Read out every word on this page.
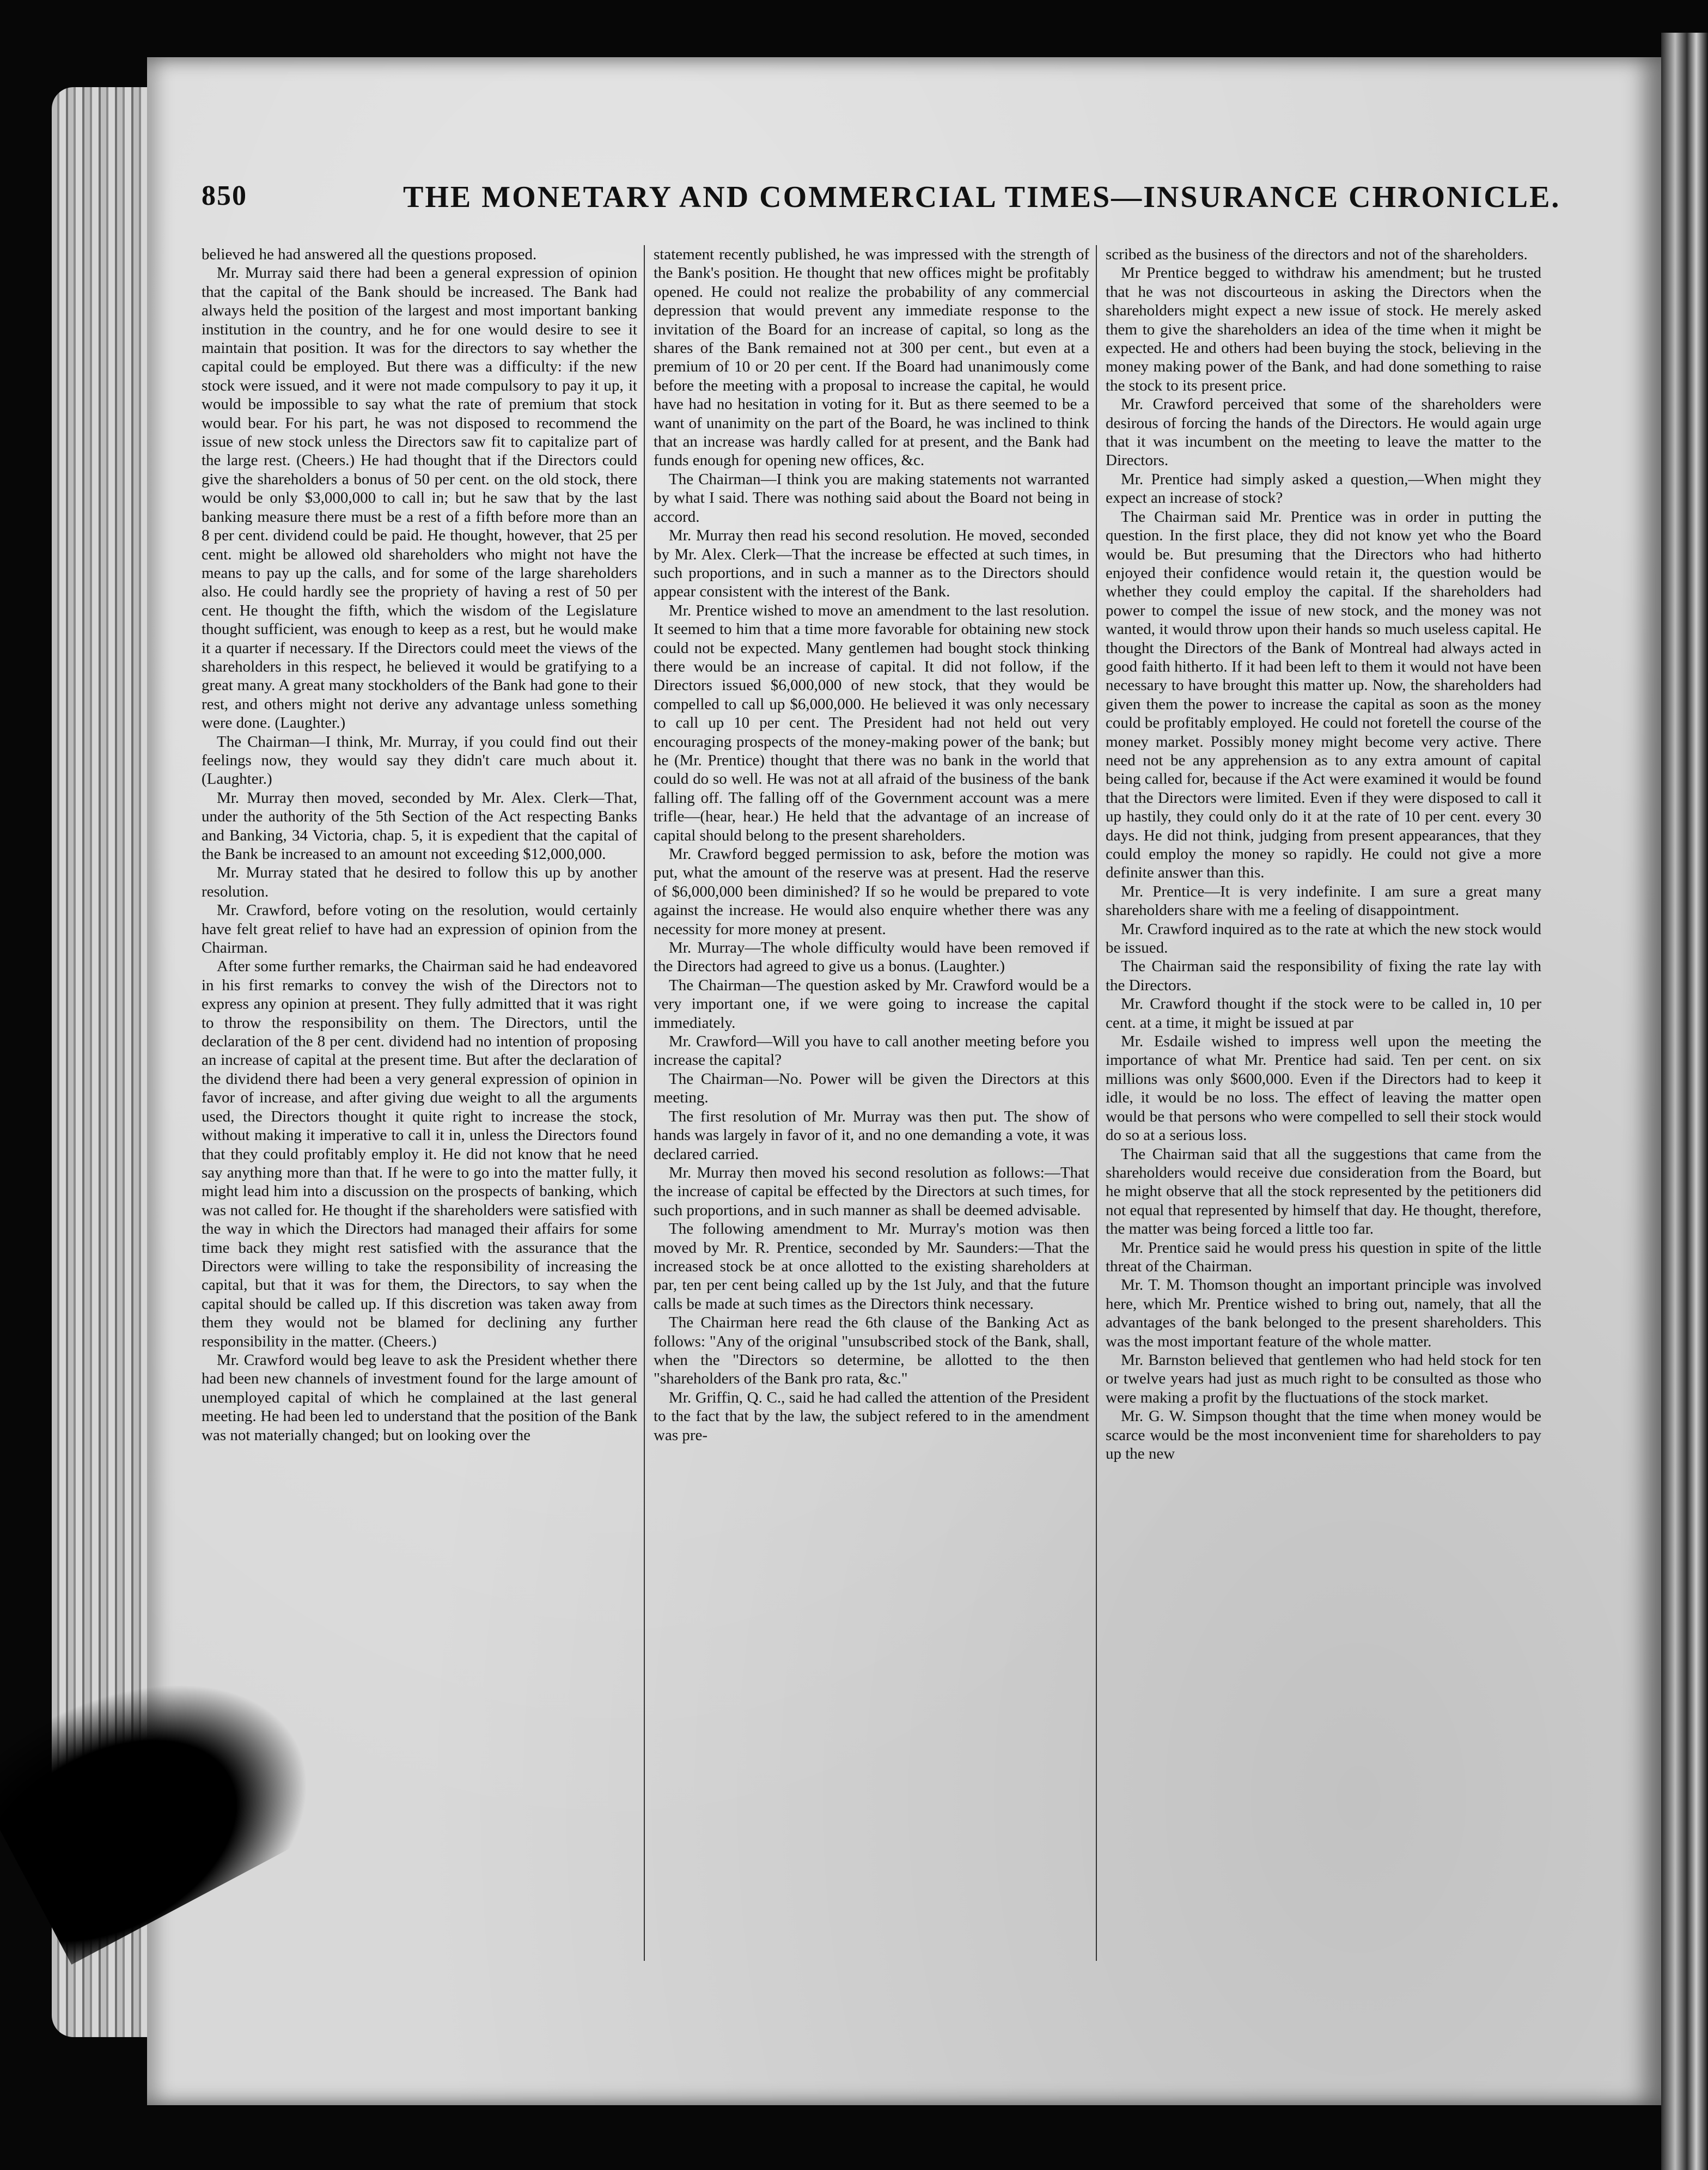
850	THE MONETARY AND COMMERCIAL TIMES—INSURANCE CHRONICLE.

believed he had answered all the questions proposed.

Mr. Murray said there had been a general expression of opinion that the capital of the Bank should be increased. The Bank had always held the position of the largest and most important banking institution in the country, and he for one would desire to see it maintain that position. It was for the directors to say whether the capital could be employed. But there was a difficulty: if the new stock were issued, and it were not made compulsory to pay it up, it would be impossible to say what the rate of premium that stock would bear. For his part, he was not disposed to recommend the issue of new stock unless the Directors saw fit to capitalize part of the large rest. (Cheers.) He had thought that if the Directors could give the shareholders a bonus of 50 per cent. on the old stock, there would be only $3,000,000 to call in; but he saw that by the last banking measure there must be a rest of a fifth before more than an 8 per cent. dividend could be paid. He thought, however, that 25 per cent. might be allowed old shareholders who might not have the means to pay up the calls, and for some of the large shareholders also. He could hardly see the propriety of having a rest of 50 per cent. He thought the fifth, which the wisdom of the Legislature thought sufficient, was enough to keep as a rest, but he would make it a quarter if necessary. If the Directors could meet the views of the shareholders in this respect, he believed it would be gratifying to a great many. A great many stockholders of the Bank had gone to their rest, and others might not derive any advantage unless something were done. (Laughter.)

The Chairman—I think, Mr. Murray, if you could find out their feelings now, they would say they didn't care much about it. (Laughter.)

Mr. Murray then moved, seconded by Mr. Alex. Clerk—That, under the authority of the 5th Section of the Act respecting Banks and Banking, 34 Victoria, chap. 5, it is expedient that the capital of the Bank be increased to an amount not exceeding $12,000,000.

Mr. Murray stated that he desired to follow this up by another resolution.

Mr. Crawford, before voting on the resolution, would certainly have felt great relief to have had an expression of opinion from the Chairman.

After some further remarks, the Chairman said he had endeavored in his first remarks to convey the wish of the Directors not to express any opinion at present. They fully admitted that it was right to throw the responsibility on them. The Directors, until the declaration of the 8 per cent. dividend had no intention of proposing an increase of capital at the present time. But after the declaration of the dividend there had been a very general expression of opinion in favor of increase, and after giving due weight to all the arguments used, the Directors thought it quite right to increase the stock, without making it imperative to call it in, unless the Directors found that they could profitably employ it. He did not know that he need say anything more than that. If he were to go into the matter fully, it might lead him into a discussion on the prospects of banking, which was not called for. He thought if the shareholders were satisfied with the way in which the Directors had managed their affairs for some time back they might rest satisfied with the assurance that the Directors were willing to take the responsibility of increasing the capital, but that it was for them, the Directors, to say when the capital should be called up. If this discretion was taken away from them they would not be blamed for declining any further responsibility in the matter. (Cheers.)

Mr. Crawford would beg leave to ask the President whether there had been new channels of investment found for the large amount of unemployed capital of which he complained at the last general meeting. He had been led to understand that the position of the Bank was not materially changed; but on looking over the

statement recently published, he was impressed with the strength of the Bank's position. He thought that new offices might be profitably opened. He could not realize the probability of any commercial depression that would prevent any immediate response to the invitation of the Board for an increase of capital, so long as the shares of the Bank remained not at 300 per cent., but even at a premium of 10 or 20 per cent. If the Board had unanimously come before the meeting with a proposal to increase the capital, he would have had no hesitation in voting for it. But as there seemed to be a want of unanimity on the part of the Board, he was inclined to think that an increase was hardly called for at present, and the Bank had funds enough for opening new offices, &c.

The Chairman—I think you are making statements not warranted by what I said. There was nothing said about the Board not being in accord.

Mr. Murray then read his second resolution. He moved, seconded by Mr. Alex. Clerk—That the increase be effected at such times, in such proportions, and in such a manner as to the Directors should appear consistent with the interest of the Bank.

Mr. Prentice wished to move an amendment to the last resolution. It seemed to him that a time more favorable for obtaining new stock could not be expected. Many gentlemen had bought stock thinking there would be an increase of capital. It did not follow, if the Directors issued $6,000,000 of new stock, that they would be compelled to call up $6,000,000. He believed it was only necessary to call up 10 per cent. The President had not held out very encouraging prospects of the money-making power of the bank; but he (Mr. Prentice) thought that there was no bank in the world that could do so well. He was not at all afraid of the business of the bank falling off. The falling off of the Government account was a mere trifle—(hear, hear.) He held that the advantage of an increase of capital should belong to the present shareholders.

Mr. Crawford begged permission to ask, before the motion was put, what the amount of the reserve was at present. Had the reserve of $6,000,000 been diminished? If so he would be prepared to vote against the increase. He would also enquire whether there was any necessity for more money at present.

Mr. Murray—The whole difficulty would have been removed if the Directors had agreed to give us a bonus. (Laughter.)

The Chairman—The question asked by Mr. Crawford would be a very important one, if we were going to increase the capital immediately.

Mr. Crawford—Will you have to call another meeting before you increase the capital?

The Chairman—No. Power will be given the Directors at this meeting.

The first resolution of Mr. Murray was then put. The show of hands was largely in favor of it, and no one demanding a vote, it was declared carried.

Mr. Murray then moved his second resolution as follows:—That the increase of capital be effected by the Directors at such times, for such proportions, and in such manner as shall be deemed advisable.

The following amendment to Mr. Murray's motion was then moved by Mr. R. Prentice, seconded by Mr. Saunders:—That the increased stock be at once allotted to the existing shareholders at par, ten per cent being called up by the 1st July, and that the future calls be made at such times as the Directors think necessary.

The Chairman here read the 6th clause of the Banking Act as follows: "Any of the original "unsubscribed stock of the Bank, shall, when the "Directors so determine, be allotted to the then "shareholders of the Bank pro rata, &c."

Mr. Griffin, Q. C., said he had called the attention of the President to the fact that by the law, the subject refered to in the amendment was pre-

scribed as the business of the directors and not of the shareholders.

Mr Prentice begged to withdraw his amendment; but he trusted that he was not discourteous in asking the Directors when the shareholders might expect a new issue of stock. He merely asked them to give the shareholders an idea of the time when it might be expected. He and others had been buying the stock, believing in the money making power of the Bank, and had done something to raise the stock to its present price.

Mr. Crawford perceived that some of the shareholders were desirous of forcing the hands of the Directors. He would again urge that it was incumbent on the meeting to leave the matter to the Directors.

Mr. Prentice had simply asked a question,—When might they expect an increase of stock?

The Chairman said Mr. Prentice was in order in putting the question. In the first place, they did not know yet who the Board would be. But presuming that the Directors who had hitherto enjoyed their confidence would retain it, the question would be whether they could employ the capital. If the shareholders had power to compel the issue of new stock, and the money was not wanted, it would throw upon their hands so much useless capital. He thought the Directors of the Bank of Montreal had always acted in good faith hitherto. If it had been left to them it would not have been necessary to have brought this matter up. Now, the shareholders had given them the power to increase the capital as soon as the money could be profitably employed. He could not foretell the course of the money market. Possibly money might become very active. There need not be any apprehension as to any extra amount of capital being called for, because if the Act were examined it would be found that the Directors were limited. Even if they were disposed to call it up hastily, they could only do it at the rate of 10 per cent. every 30 days. He did not think, judging from present appearances, that they could employ the money so rapidly. He could not give a more definite answer than this.

Mr. Prentice—It is very indefinite. I am sure a great many shareholders share with me a feeling of disappointment.

Mr. Crawford inquired as to the rate at which the new stock would be issued.

The Chairman said the responsibility of fixing the rate lay with the Directors.

Mr. Crawford thought if the stock were to be called in, 10 per cent. at a time, it might be issued at par

Mr. Esdaile wished to impress well upon the meeting the importance of what Mr. Prentice had said. Ten per cent. on six millions was only $600,000. Even if the Directors had to keep it idle, it would be no loss. The effect of leaving the matter open would be that persons who were compelled to sell their stock would do so at a serious loss.

The Chairman said that all the suggestions that came from the shareholders would receive due consideration from the Board, but he might observe that all the stock represented by the petitioners did not equal that represented by himself that day. He thought, therefore, the matter was being forced a little too far.

Mr. Prentice said he would press his question in spite of the little threat of the Chairman.

Mr. T. M. Thomson thought an important principle was involved here, which Mr. Prentice wished to bring out, namely, that all the advantages of the bank belonged to the present shareholders. This was the most important feature of the whole matter.

Mr. Barnston believed that gentlemen who had held stock for ten or twelve years had just as much right to be consulted as those who were making a profit by the fluctuations of the stock market.

Mr. G. W. Simpson thought that the time when money would be scarce would be the most inconvenient time for shareholders to pay up the new
